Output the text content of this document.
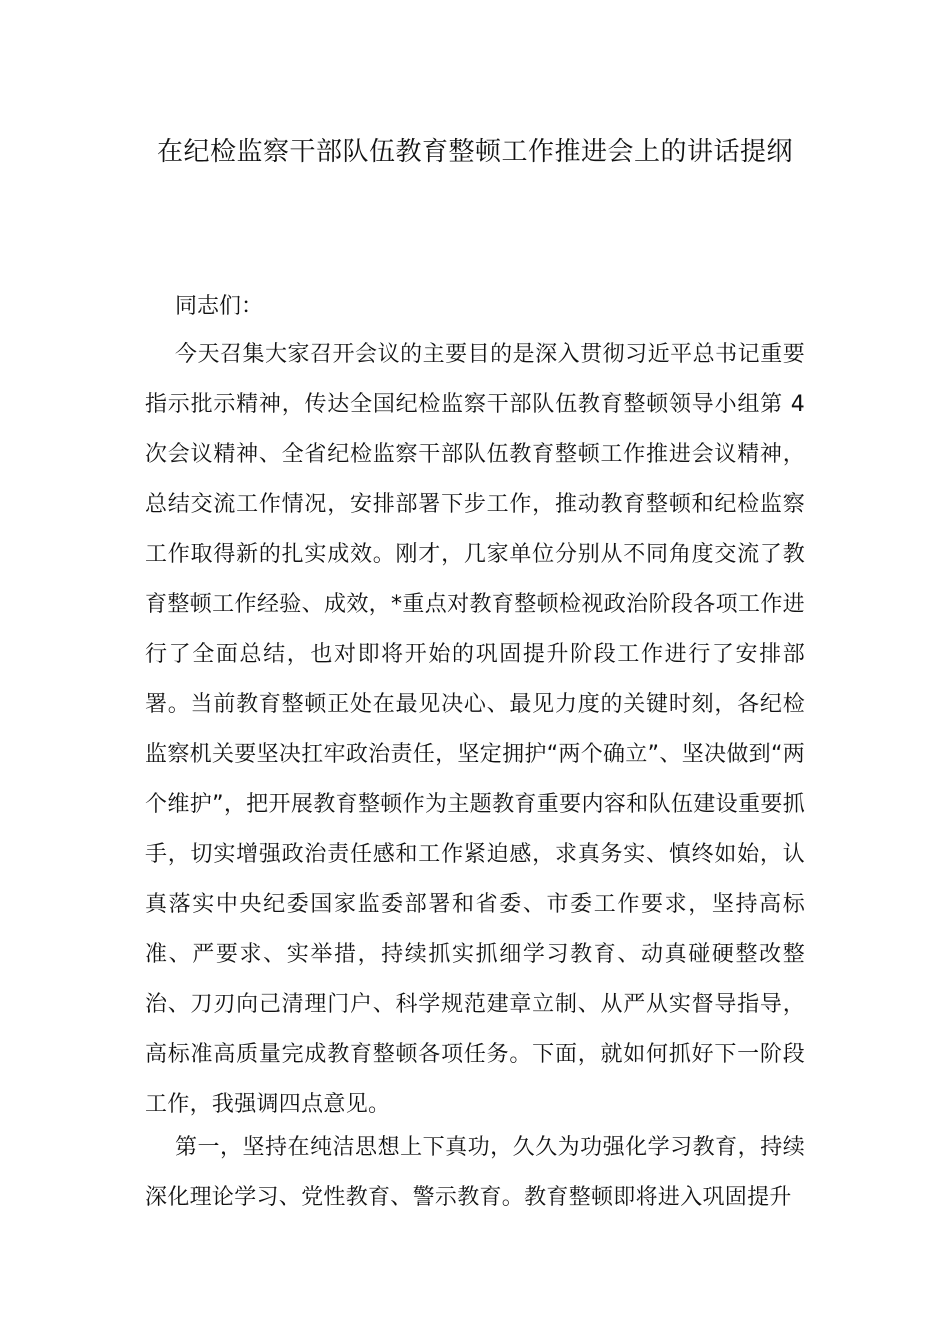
在纪检监察干部队伍教育整顿工作推进会上的讲话提纲

同志们：

今天召集大家召开会议的主要目的是深入贯彻习近平总书记重要指示批示精神，传达全国纪检监察干部队伍教育整顿领导小组第 4 次会议精神、全省纪检监察干部队伍教育整顿工作推进会议精神，总结交流工作情况，安排部署下步工作，推动教育整顿和纪检监察工作取得新的扎实成效。刚才，几家单位分别从不同角度交流了教育整顿工作经验、成效，*重点对教育整顿检视政治阶段各项工作进行了全面总结，也对即将开始的巩固提升阶段工作进行了安排部署。当前教育整顿正处在最见决心、最见力度的关键时刻，各纪检监察机关要坚决扛牢政治责任，坚定拥护“两个确立”、坚决做到“两个维护”，把开展教育整顿作为主题教育重要内容和队伍建设重要抓手，切实增强政治责任感和工作紧迫感，求真务实、慎终如始，认真落实中央纪委国家监委部署和省委、市委工作要求，坚持高标准、严要求、实举措，持续抓实抓细学习教育、动真碰硬整改整治、刀刃向己清理门户、科学规范建章立制、从严从实督导指导，高标准高质量完成教育整顿各项任务。下面，就如何抓好下一阶段工作，我强调四点意见。

第一，坚持在纯洁思想上下真功，久久为功强化学习教育，持续深化理论学习、党性教育、警示教育。教育整顿即将进入巩固提升
